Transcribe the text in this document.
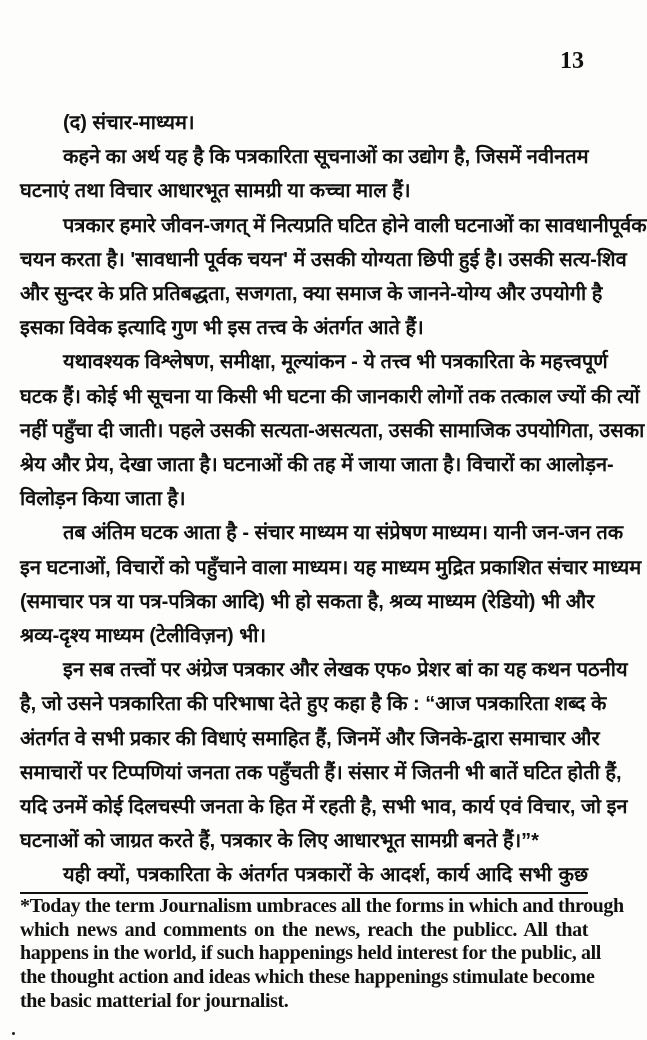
13
(द) संचार-माध्यम।
कहने का अर्थ यह है कि पत्रकारिता सूचनाओं का उद्योग है, जिसमें नवीनतम
घटनाएं तथा विचार आधारभूत सामग्री या कच्चा माल हैं।
पत्रकार हमारे जीवन-जगत् में नित्यप्रति घटित होने वाली घटनाओं का सावधानीपूर्वक
चयन करता है। 'सावधानी पूर्वक चयन' में उसकी योग्यता छिपी हुई है। उसकी सत्य-शिव
और सुन्दर के प्रति प्रतिबद्धता, सजगता, क्या समाज के जानने-योग्य और उपयोगी है
इसका विवेक इत्यादि गुण भी इस तत्त्व के अंतर्गत आते हैं।
यथावश्यक विश्लेषण, समीक्षा, मूल्यांकन - ये तत्त्व भी पत्रकारिता के महत्त्वपूर्ण
घटक हैं। कोई भी सूचना या किसी भी घटना की जानकारी लोगों तक तत्काल ज्यों की त्यों
नहीं पहुँचा दी जाती। पहले उसकी सत्यता-असत्यता, उसकी सामाजिक उपयोगिता, उसका
श्रेय और प्रेय, देखा जाता है। घटनाओं की तह में जाया जाता है। विचारों का आलोड़न-
विलोड़न किया जाता है।
तब अंतिम घटक आता है - संचार माध्यम या संप्रेषण माध्यम। यानी जन-जन तक
इन घटनाओं, विचारों को पहुँचाने वाला माध्यम। यह माध्यम मुद्रित प्रकाशित संचार माध्यम
(समाचार पत्र या पत्र-पत्रिका आदि) भी हो सकता है, श्रव्य माध्यम (रेडियो) भी और
श्रव्य-दृश्य माध्यम (टेलीविज़न) भी।
इन सब तत्त्वों पर अंग्रेज पत्रकार और लेखक एफ० प्रेशर बां का यह कथन पठनीय
है, जो उसने पत्रकारिता की परिभाषा देते हुए कहा है कि : “आज पत्रकारिता शब्द के
अंतर्गत वे सभी प्रकार की विधाएं समाहित हैं, जिनमें और जिनके-द्वारा समाचार और
समाचारों पर टिप्पणियां जनता तक पहुँचती हैं। संसार में जितनी भी बातें घटित होती हैं,
यदि उनमें कोई दिलचस्पी जनता के हित में रहती है, सभी भाव, कार्य एवं विचार, जो इन
घटनाओं को जाग्रत करते हैं, पत्रकार के लिए आधारभूत सामग्री बनते हैं।”*
यही क्यों, पत्रकारिता के अंतर्गत पत्रकारों के आदर्श, कार्य आदि सभी कुछ
*Today the term Journalism umbraces all the forms in which and through
which news and comments on the news, reach the publicc. All that
happens in the world, if such happenings held interest for the public, all
the thought action and ideas which these happenings stimulate become
the basic matterial for journalist.
